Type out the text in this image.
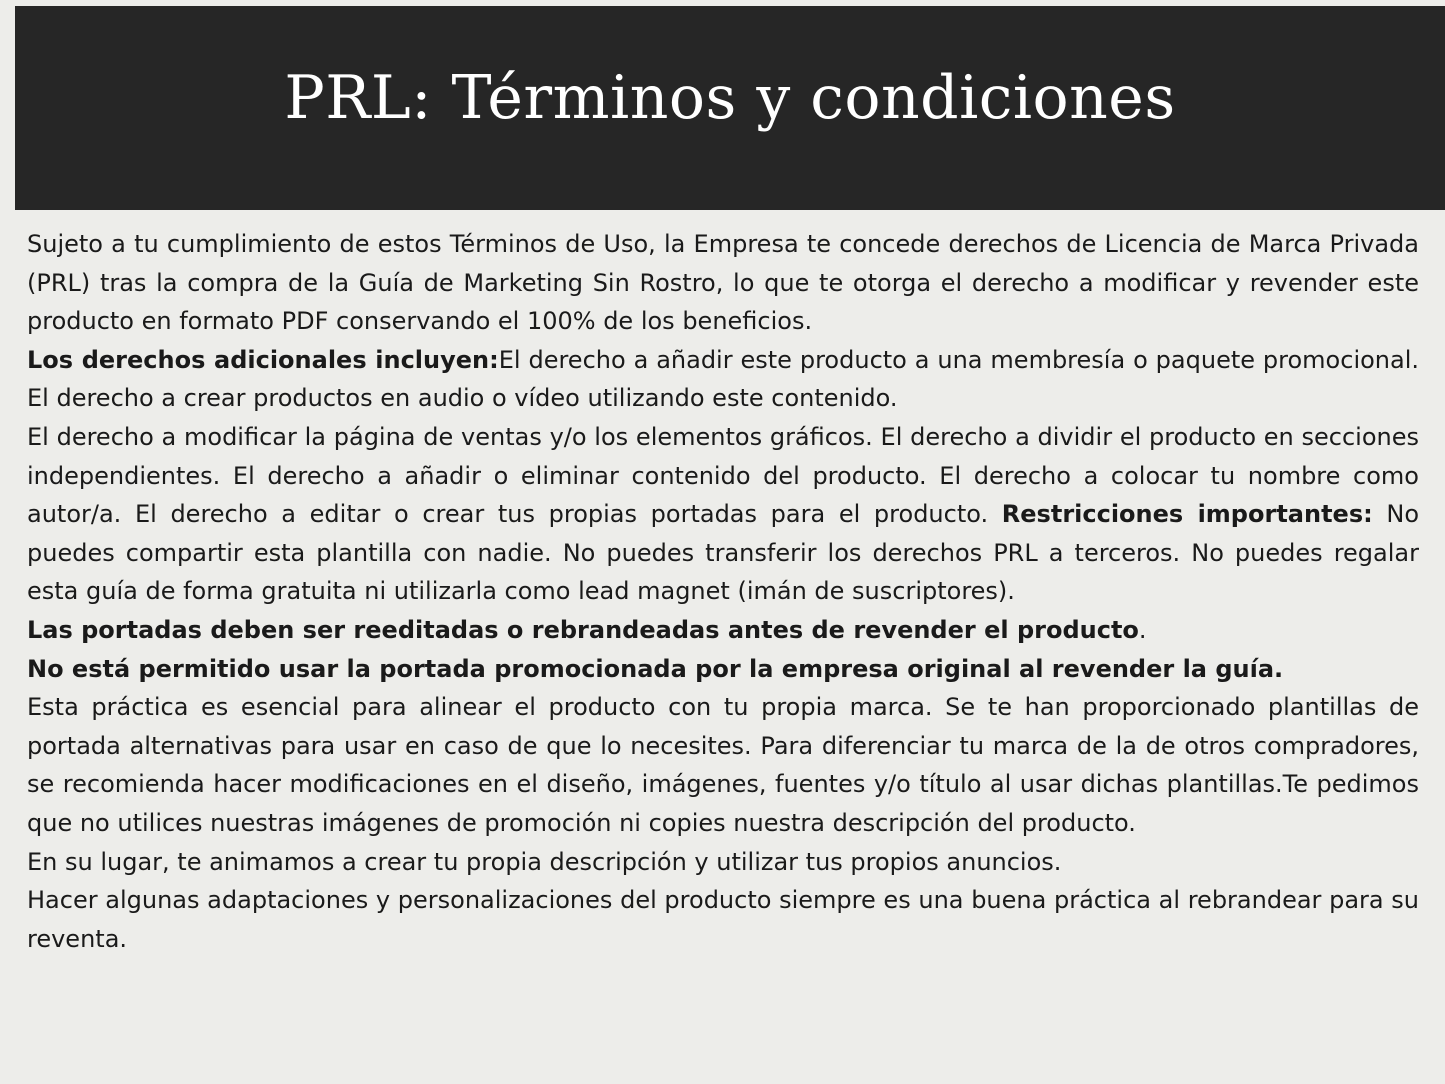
PRL: Términos y condiciones

Sujeto a tu cumplimiento de estos Términos de Uso, la Empresa te concede derechos de Licencia de Marca Privada (PRL) tras la compra de la Guía de Marketing Sin Rostro, lo que te otorga el derecho a modificar y revender este producto en formato PDF conservando el 100% de los beneficios.

Los derechos adicionales incluyen:El derecho a añadir este producto a una membresía o paquete promocional. El derecho a crear productos en audio o vídeo utilizando este contenido.

El derecho a modificar la página de ventas y/o los elementos gráficos. El derecho a dividir el producto en secciones independientes. El derecho a añadir o eliminar contenido del producto. El derecho a colocar tu nombre como autor/a. El derecho a editar o crear tus propias portadas para el producto. Restricciones importantes: No puedes compartir esta plantilla con nadie. No puedes transferir los derechos PRL a terceros. No puedes regalar esta guía de forma gratuita ni utilizarla como lead magnet (imán de suscriptores).

Las portadas deben ser reeditadas o rebrandeadas antes de revender el producto.

No está permitido usar la portada promocionada por la empresa original al revender la guía.

Esta práctica es esencial para alinear el producto con tu propia marca. Se te han proporcionado plantillas de portada alternativas para usar en caso de que lo necesites. Para diferenciar tu marca de la de otros compradores, se recomienda hacer modificaciones en el diseño, imágenes, fuentes y/o título al usar dichas plantillas.Te pedimos que no utilices nuestras imágenes de promoción ni copies nuestra descripción del producto.

En su lugar, te animamos a crear tu propia descripción y utilizar tus propios anuncios.

Hacer algunas adaptaciones y personalizaciones del producto siempre es una buena práctica al rebrandear para su reventa.
